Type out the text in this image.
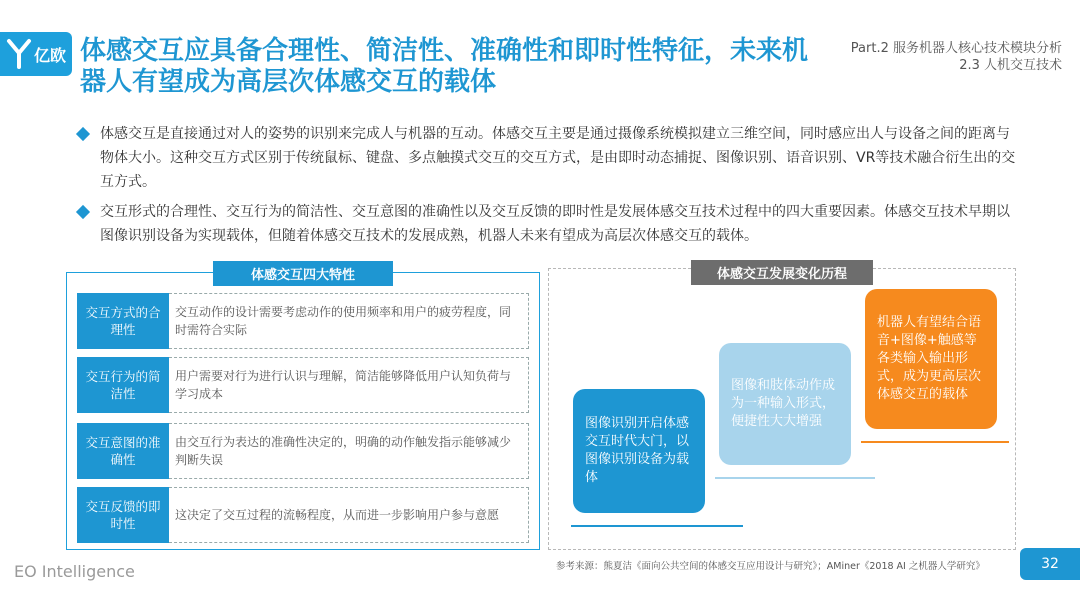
亿欧 体感交互应具备合理性、简洁性、准确性和即时性特征，未来机器人有望成为高层次体感交互的载体
Part.2 服务机器人核心技术模块分析
2.3 人机交互技术
体感交互是直接通过对人的姿势的识别来完成人与机器的互动。体感交互主要是通过摄像系统模拟建立三维空间，同时感应出人与设备之间的距离与物体大小。这种交互方式区别于传统鼠标、键盘、多点触摸式交互的交互方式，是由即时动态捕捉、图像识别、语音识别、VR等技术融合衍生出的交互方式。
交互形式的合理性、交互行为的简洁性、交互意图的准确性以及交互反馈的即时性是发展体感交互技术过程中的四大重要因素。体感交互技术早期以图像识别设备为实现载体，但随着体感交互技术的发展成熟，机器人未来有望成为高层次体感交互的载体。
体感交互四大特性
交互方式的合理性
交互动作的设计需要考虑动作的使用频率和用户的疲劳程度，同时需符合实际
交互行为的简洁性
用户需要对行为进行认识与理解，简洁能够降低用户认知负荷与学习成本
交互意图的准确性
由交互行为表达的准确性决定的，明确的动作触发指示能够减少判断失误
交互反馈的即时性
这决定了交互过程的流畅程度，从而进一步影响用户参与意愿
体感交互发展变化历程
图像识别开启体感交互时代大门，以图像识别设备为载体
图像和肢体动作成为一种输入形式，便捷性大大增强
机器人有望结合语音+图像+触感等各类输入输出形式，成为更高层次体感交互的载体
参考来源：熊夏洁《面向公共空间的体感交互应用设计与研究》；AMiner《2018 AI 之机器人学研究》
EO Intelligence	32
